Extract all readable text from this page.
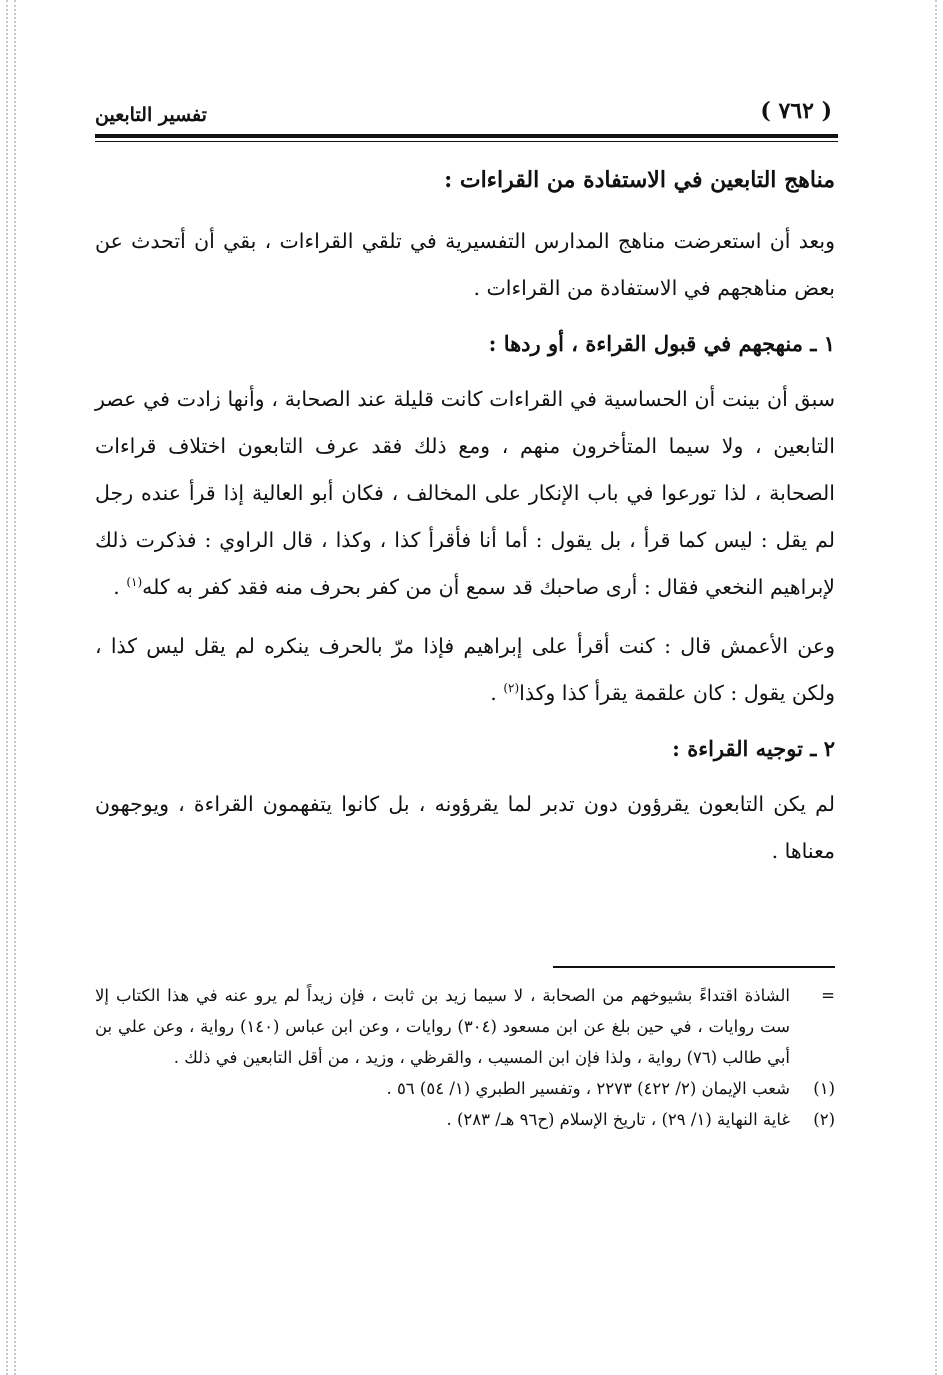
( ٧٦٢ )
تفسير التابعين
مناهج التابعين في الاستفادة من القراءات :

وبعد أن استعرضت مناهج المدارس التفسيرية في تلقي القراءات ، بقي أن أتحدث عن بعض مناهجهم في الاستفادة من القراءات .

١ ـ منهجهم في قبول القراءة ، أو ردها :

سبق أن بينت أن الحساسية في القراءات كانت قليلة عند الصحابة ، وأنها زادت في عصر التابعين ، ولا سيما المتأخرون منهم ، ومع ذلك فقد عرف التابعون اختلاف قراءات الصحابة ، لذا تورعوا في باب الإنكار على المخالف ، فكان أبو العالية إذا قرأ عنده رجل لم يقل : ليس كما قرأ ، بل يقول : أما أنا فأقرأ كذا ، وكذا ، قال الراوي : فذكرت ذلك لإبراهيم النخعي فقال : أرى صاحبك قد سمع أن من كفر بحرف منه فقد كفر به كله$^{(١)}$ .

وعن الأعمش قال : كنت أقرأ على إبراهيم فإذا مرّ بالحرف ينكره لم يقل ليس كذا ، ولكن يقول : كان علقمة يقرأ كذا وكذا$^{(٢)}$ .

٢ ـ توجيه القراءة :

لم يكن التابعون يقرؤون دون تدبر لما يقرؤونه ، بل كانوا يتفهمون القراءة ، ويوجهون معناها .

=
الشاذة اقتداءً بشيوخهم من الصحابة ، لا سيما زيد بن ثابت ، فإن زيداً لم يرو عنه في هذا الكتاب إلا ست روايات ، في حين بلغ عن ابن مسعود (٣٠٤) روايات ، وعن ابن عباس (١٤٠) رواية ، وعن علي بن أبي طالب (٧٦) رواية ، ولذا فإن ابن المسيب ، والقرظي ، وزيد ، من أقل التابعين في ذلك .
(١)
شعب الإيمان (٢/ ٤٢٢) ٢٢٧٣ ، وتفسير الطبري (١/ ٥٤) ٥٦ .
(٢)
غاية النهاية (١/ ٢٩) ، تاريخ الإسلام (ح٩٦ هـ/ ٢٨٣) .
